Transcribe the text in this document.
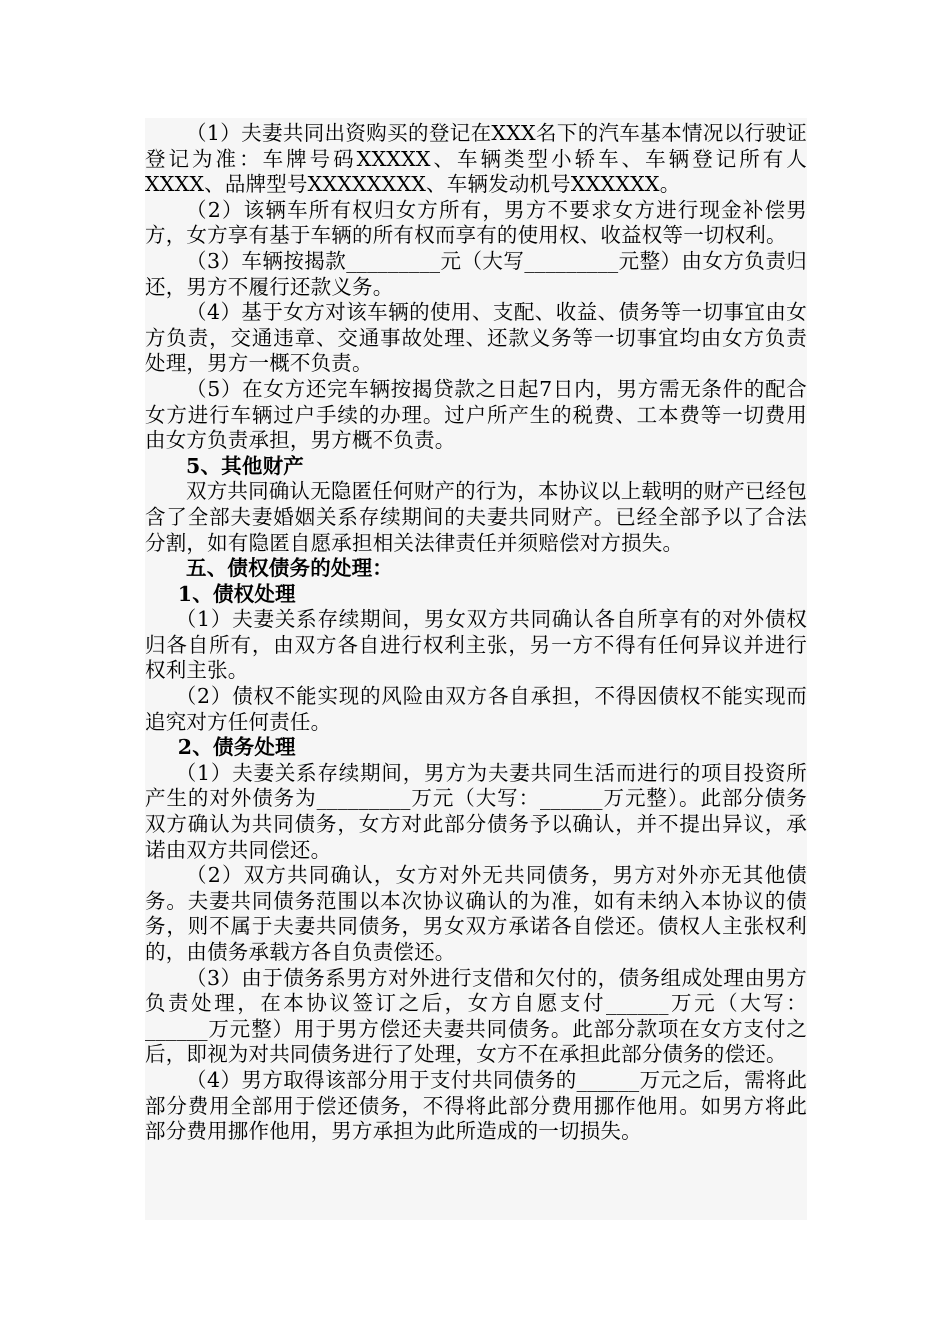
（1）夫妻共同出资购买的登记在XXX名下的汽车基本情况以行驶证登记为准：车牌号码XXXXX、车辆类型小轿车、车辆登记所有人XXXX、品牌型号XXXXXXXX、车辆发动机号XXXXXX。

（2）该辆车所有权归女方所有，男方不要求女方进行现金补偿男方，女方享有基于车辆的所有权而享有的使用权、收益权等一切权利。

（3）车辆按揭款_________元（大写_________元整）由女方负责归还，男方不履行还款义务。

（4）基于女方对该车辆的使用、支配、收益、债务等一切事宜由女方负责，交通违章、交通事故处理、还款义务等一切事宜均由女方负责处理，男方一概不负责。

（5）在女方还完车辆按揭贷款之日起7日内，男方需无条件的配合女方进行车辆过户手续的办理。过户所产生的税费、工本费等一切费用由女方负责承担，男方概不负责。

5、其他财产

双方共同确认无隐匿任何财产的行为，本协议以上载明的财产已经包含了全部夫妻婚姻关系存续期间的夫妻共同财产。已经全部予以了合法分割，如有隐匿自愿承担相关法律责任并须赔偿对方损失。

五、债权债务的处理：

1、债权处理

（1）夫妻关系存续期间，男女双方共同确认各自所享有的对外债权归各自所有，由双方各自进行权利主张，另一方不得有任何异议并进行权利主张。

（2）债权不能实现的风险由双方各自承担，不得因债权不能实现而追究对方任何责任。

2、债务处理

（1）夫妻关系存续期间，男方为夫妻共同生活而进行的项目投资所产生的对外债务为_________万元（大写：______万元整）。此部分债务双方确认为共同债务，女方对此部分债务予以确认，并不提出异议，承诺由双方共同偿还。

（2）双方共同确认，女方对外无共同债务，男方对外亦无其他债务。夫妻共同债务范围以本次协议确认的为准，如有未纳入本协议的债务，则不属于夫妻共同债务，男女双方承诺各自偿还。债权人主张权利的，由债务承载方各自负责偿还。

（3）由于债务系男方对外进行支借和欠付的，债务组成处理由男方负责处理，在本协议签订之后，女方自愿支付______万元（大写：______万元整）用于男方偿还夫妻共同债务。此部分款项在女方支付之后，即视为对共同债务进行了处理，女方不在承担此部分债务的偿还。

（4）男方取得该部分用于支付共同债务的______万元之后，需将此部分费用全部用于偿还债务，不得将此部分费用挪作他用。如男方将此部分费用挪作他用，男方承担为此所造成的一切损失。
